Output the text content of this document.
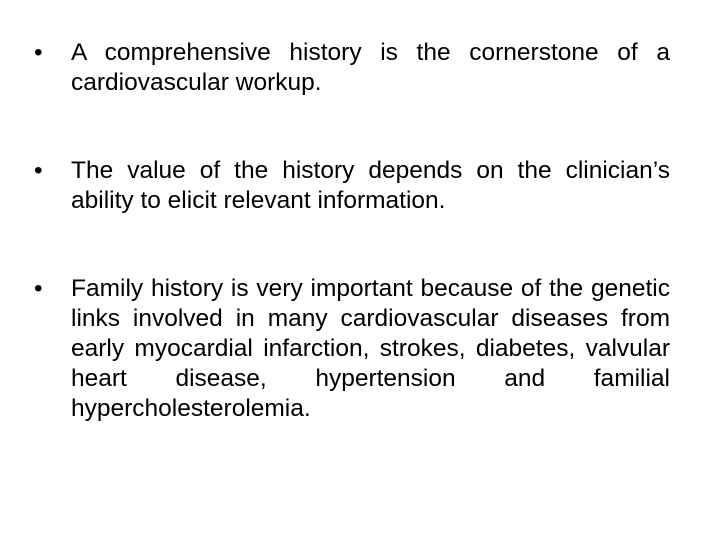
•	A comprehensive history is the cornerstone of a cardiovascular workup.
•	The value of the history depends on the clinician’s ability to elicit relevant information.
•	Family history is very important because of the genetic links involved in many cardiovascular diseases from early myocardial infarction, strokes, diabetes, valvular heart disease, hypertension and familial
hypercholesterolemia.
